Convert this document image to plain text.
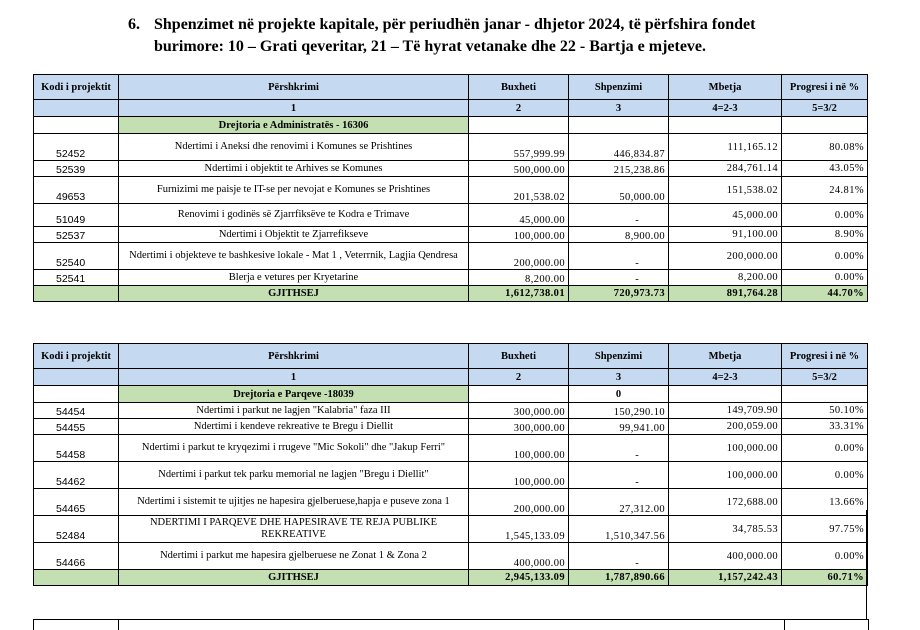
6. Shpenzimet në projekte kapitale, për periudhën janar - dhjetor 2024, të përfshira fondet
burimore: 10 – Grati qeveritar, 21 – Të hyrat vetanake dhe 22 - Bartja e mjeteve.
Kodi i projektit	Përshkrimi	Buxheti	Shpenzimi	Mbetja	Progresi i në %
	1	2	3	4=2-3	5=3/2
	Drejtoria e Administratës - 16306				
52452	Ndertimi i Aneksi dhe renovimi i Komunes se Prishtines	557,999.99	446,834.87	111,165.12	80.08%
52539	Ndertimi i objektit te Arhives se Komunes	500,000.00	215,238.86	284,761.14	43.05%
49653	Furnizimi me paisje te IT-se per nevojat e Komunes se Prishtines	201,538.02	50,000.00	151,538.02	24.81%
51049	Renovimi i godinës së Zjarrfiksëve te Kodra e Trimave	45,000.00	-	45,000.00	0.00%
52537	Ndertimi i Objektit te Zjarrefikseve	100,000.00	8,900.00	91,100.00	8.90%
52540	Ndertimi i objekteve te bashkesive lokale - Mat 1 , Veterrnik, Lagjia Qendresa	200,000.00	-	200,000.00	0.00%
52541	Blerja e vetures per Kryetarine	8,200.00	-	8,200.00	0.00%
	GJITHSEJ	1,612,738.01	720,973.73	891,764.28	44.70%
Kodi i projektit	Përshkrimi	Buxheti	Shpenzimi	Mbetja	Progresi i në %
	1	2	3	4=2-3	5=3/2
	Drejtoria e Parqeve -18039		0		
54454	Ndertimi i parkut ne lagjen "Kalabria" faza III	300,000.00	150,290.10	149,709.90	50.10%
54455	Ndertimi i kendeve rekreative te Bregu i Diellit	300,000.00	99,941.00	200,059.00	33.31%
54458	Ndertimi i parkut te kryqezimi i rrugeve "Mic Sokoli" dhe "Jakup Ferri"	100,000.00	-	100,000.00	0.00%
54462	Ndertimi i parkut tek parku memorial ne lagjen "Bregu i Diellit"	100,000.00	-	100,000.00	0.00%
54465	Ndertimi i sistemit te ujitjes ne hapesira gjelberuese,hapja e puseve zona 1	200,000.00	27,312.00	172,688.00	13.66%
52484	NDERTIMI I PARQEVE DHE HAPESIRAVE TE REJA PUBLIKE REKREATIVE	1,545,133.09	1,510,347.56	34,785.53	97.75%
54466	Ndertimi i parkut me hapesira gjelberuese ne Zonat 1 & Zona 2	400,000.00	-	400,000.00	0.00%
	GJITHSEJ	2,945,133.09	1,787,890.66	1,157,242.43	60.71%
